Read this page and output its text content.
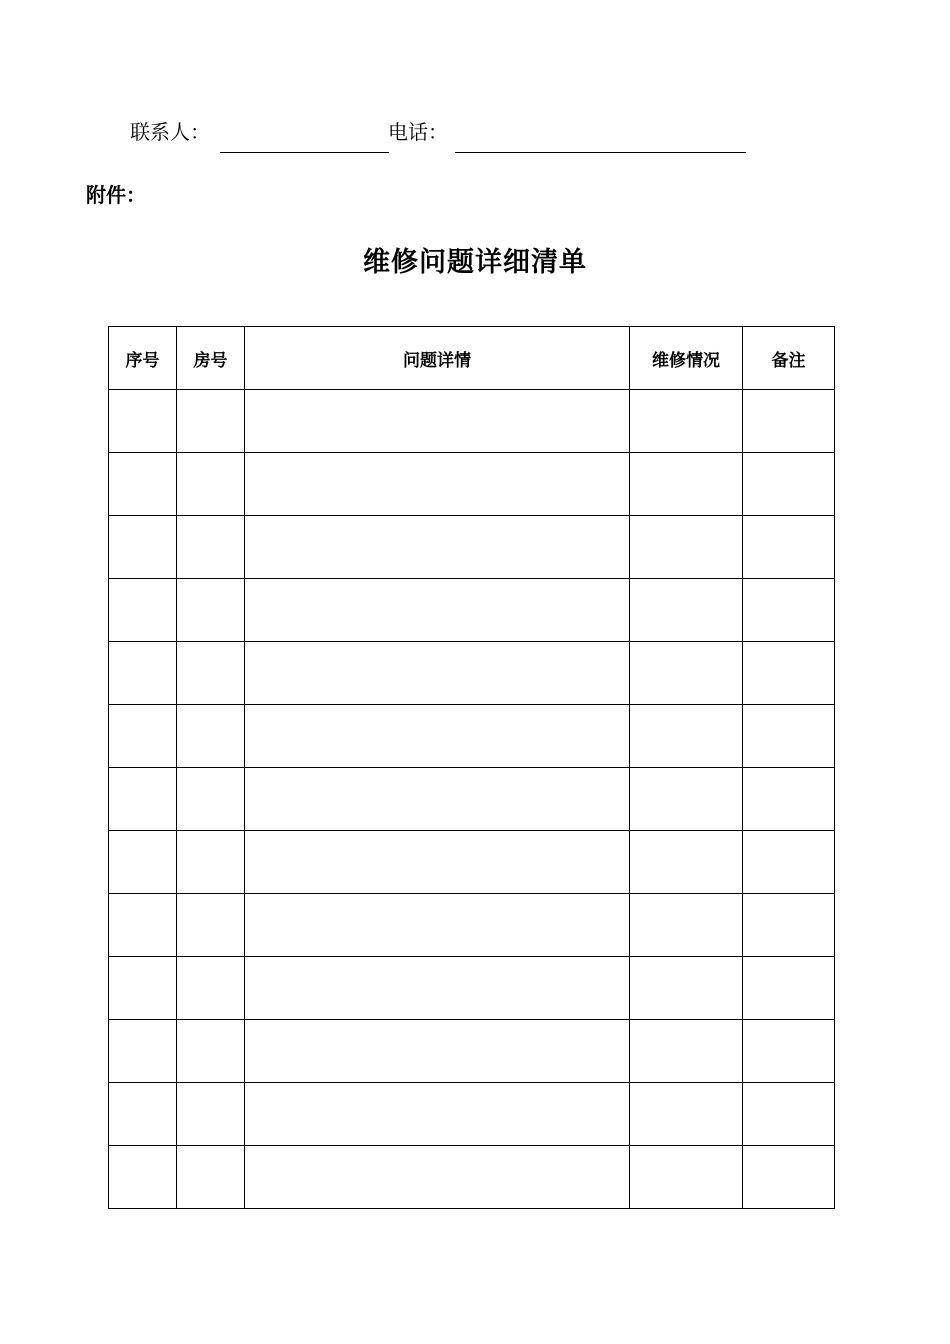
联系人：	电话：
附件：
维修问题详细清单
序号	房号	问题详情	维修情况	备注
